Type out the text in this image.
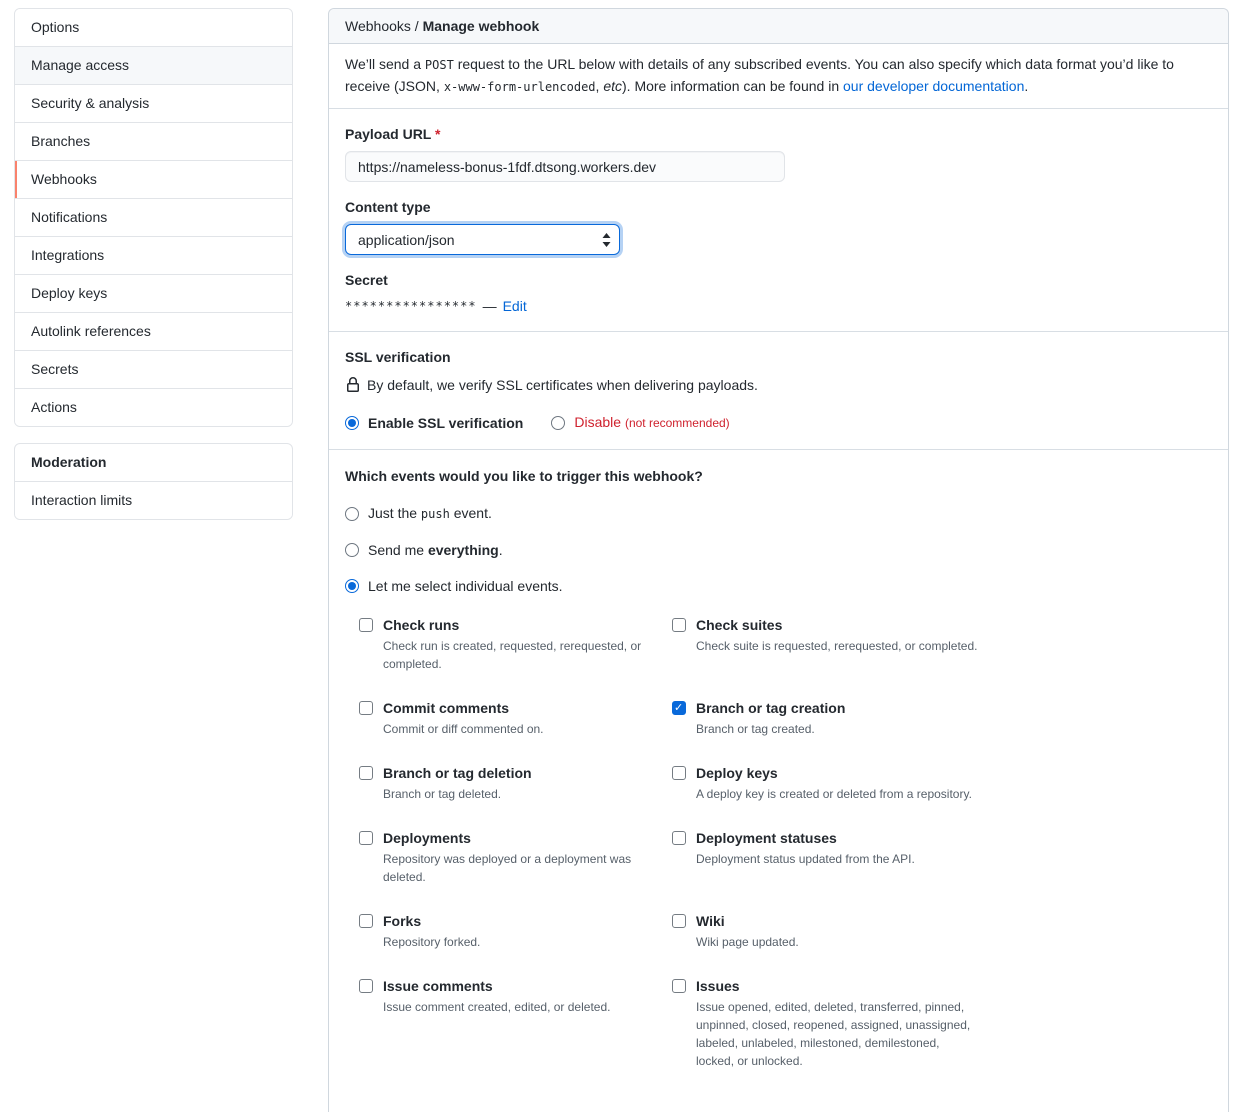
Options
Manage access
Security & analysis
Branches
Webhooks
Notifications
Integrations
Deploy keys
Autolink references
Secrets
Actions
Moderation
Interaction limits
Webhooks / Manage webhook
We’ll send a POST request to the URL below with details of any subscribed events. You can also specify which data format you’d like to receive (JSON, x-www-form-urlencoded, etc). More information can be found in our developer documentation.
Payload URL *
https://nameless-bonus-1fdf.dtsong.workers.dev
Content type
application/json
Secret
**************** — Edit
SSL verification

By default, we verify SSL certificates when delivering payloads.

Enable SSL verification	Disable (not recommended)
Which events would you like to trigger this webhook?
Just the push event.
Send me everything.
Let me select individual events.
Check runs
Check run is created, requested, rerequested, or completed.
Check suites
Check suite is requested, rerequested, or completed.
Commit comments
Commit or diff commented on.
✓
Branch or tag creation
Branch or tag created.
Branch or tag deletion
Branch or tag deleted.
Deploy keys
A deploy key is created or deleted from a repository.
Deployments
Repository was deployed or a deployment was deleted.
Deployment statuses
Deployment status updated from the API.
Forks
Repository forked.
Wiki
Wiki page updated.
Issue comments
Issue comment created, edited, or deleted.
Issues
Issue opened, edited, deleted, transferred, pinned, unpinned, closed, reopened, assigned, unassigned, labeled, unlabeled, milestoned, demilestoned, locked, or unlocked.
